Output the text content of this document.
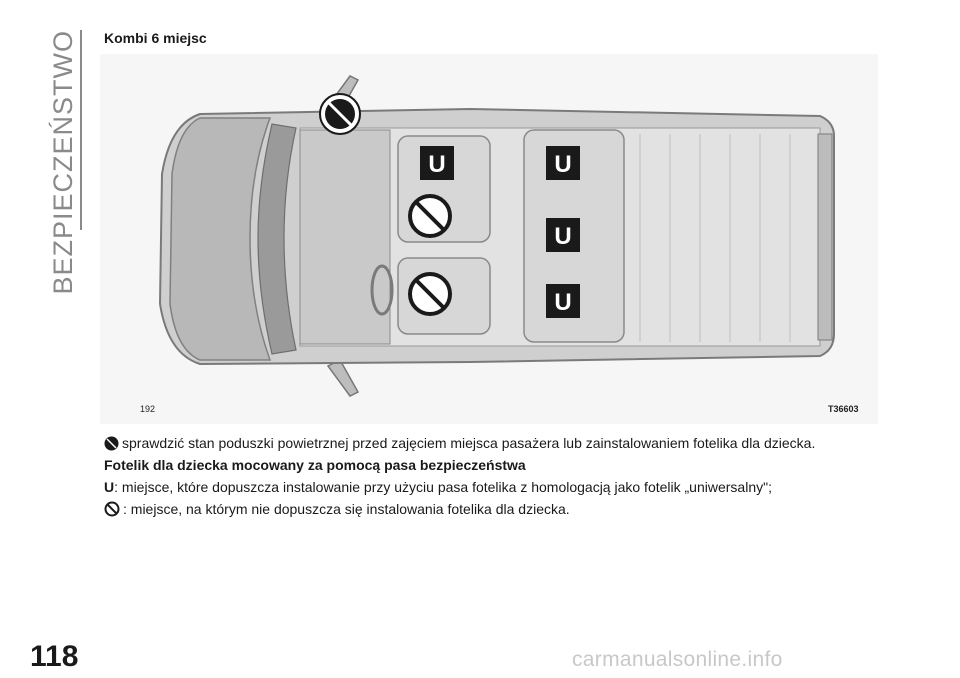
BEZPIECZEŃSTWO Kombi 6 miejsc
U	U
U
U
192	T36603

sprawdzić stan poduszki powietrznej przed zajęciem miejsca pasażera lub zainstalowaniem fotelika dla dziecka.

Fotelik dla dziecka mocowany za pomocą pasa bezpieczeństwa

U: miejsce, które dopuszcza instalowanie przy użyciu pasa fotelika z homologacją jako fotelik „uniwersalny";

: miejsce, na którym nie dopuszcza się instalowania fotelika dla dziecka.

118	carmanualsonline.info
